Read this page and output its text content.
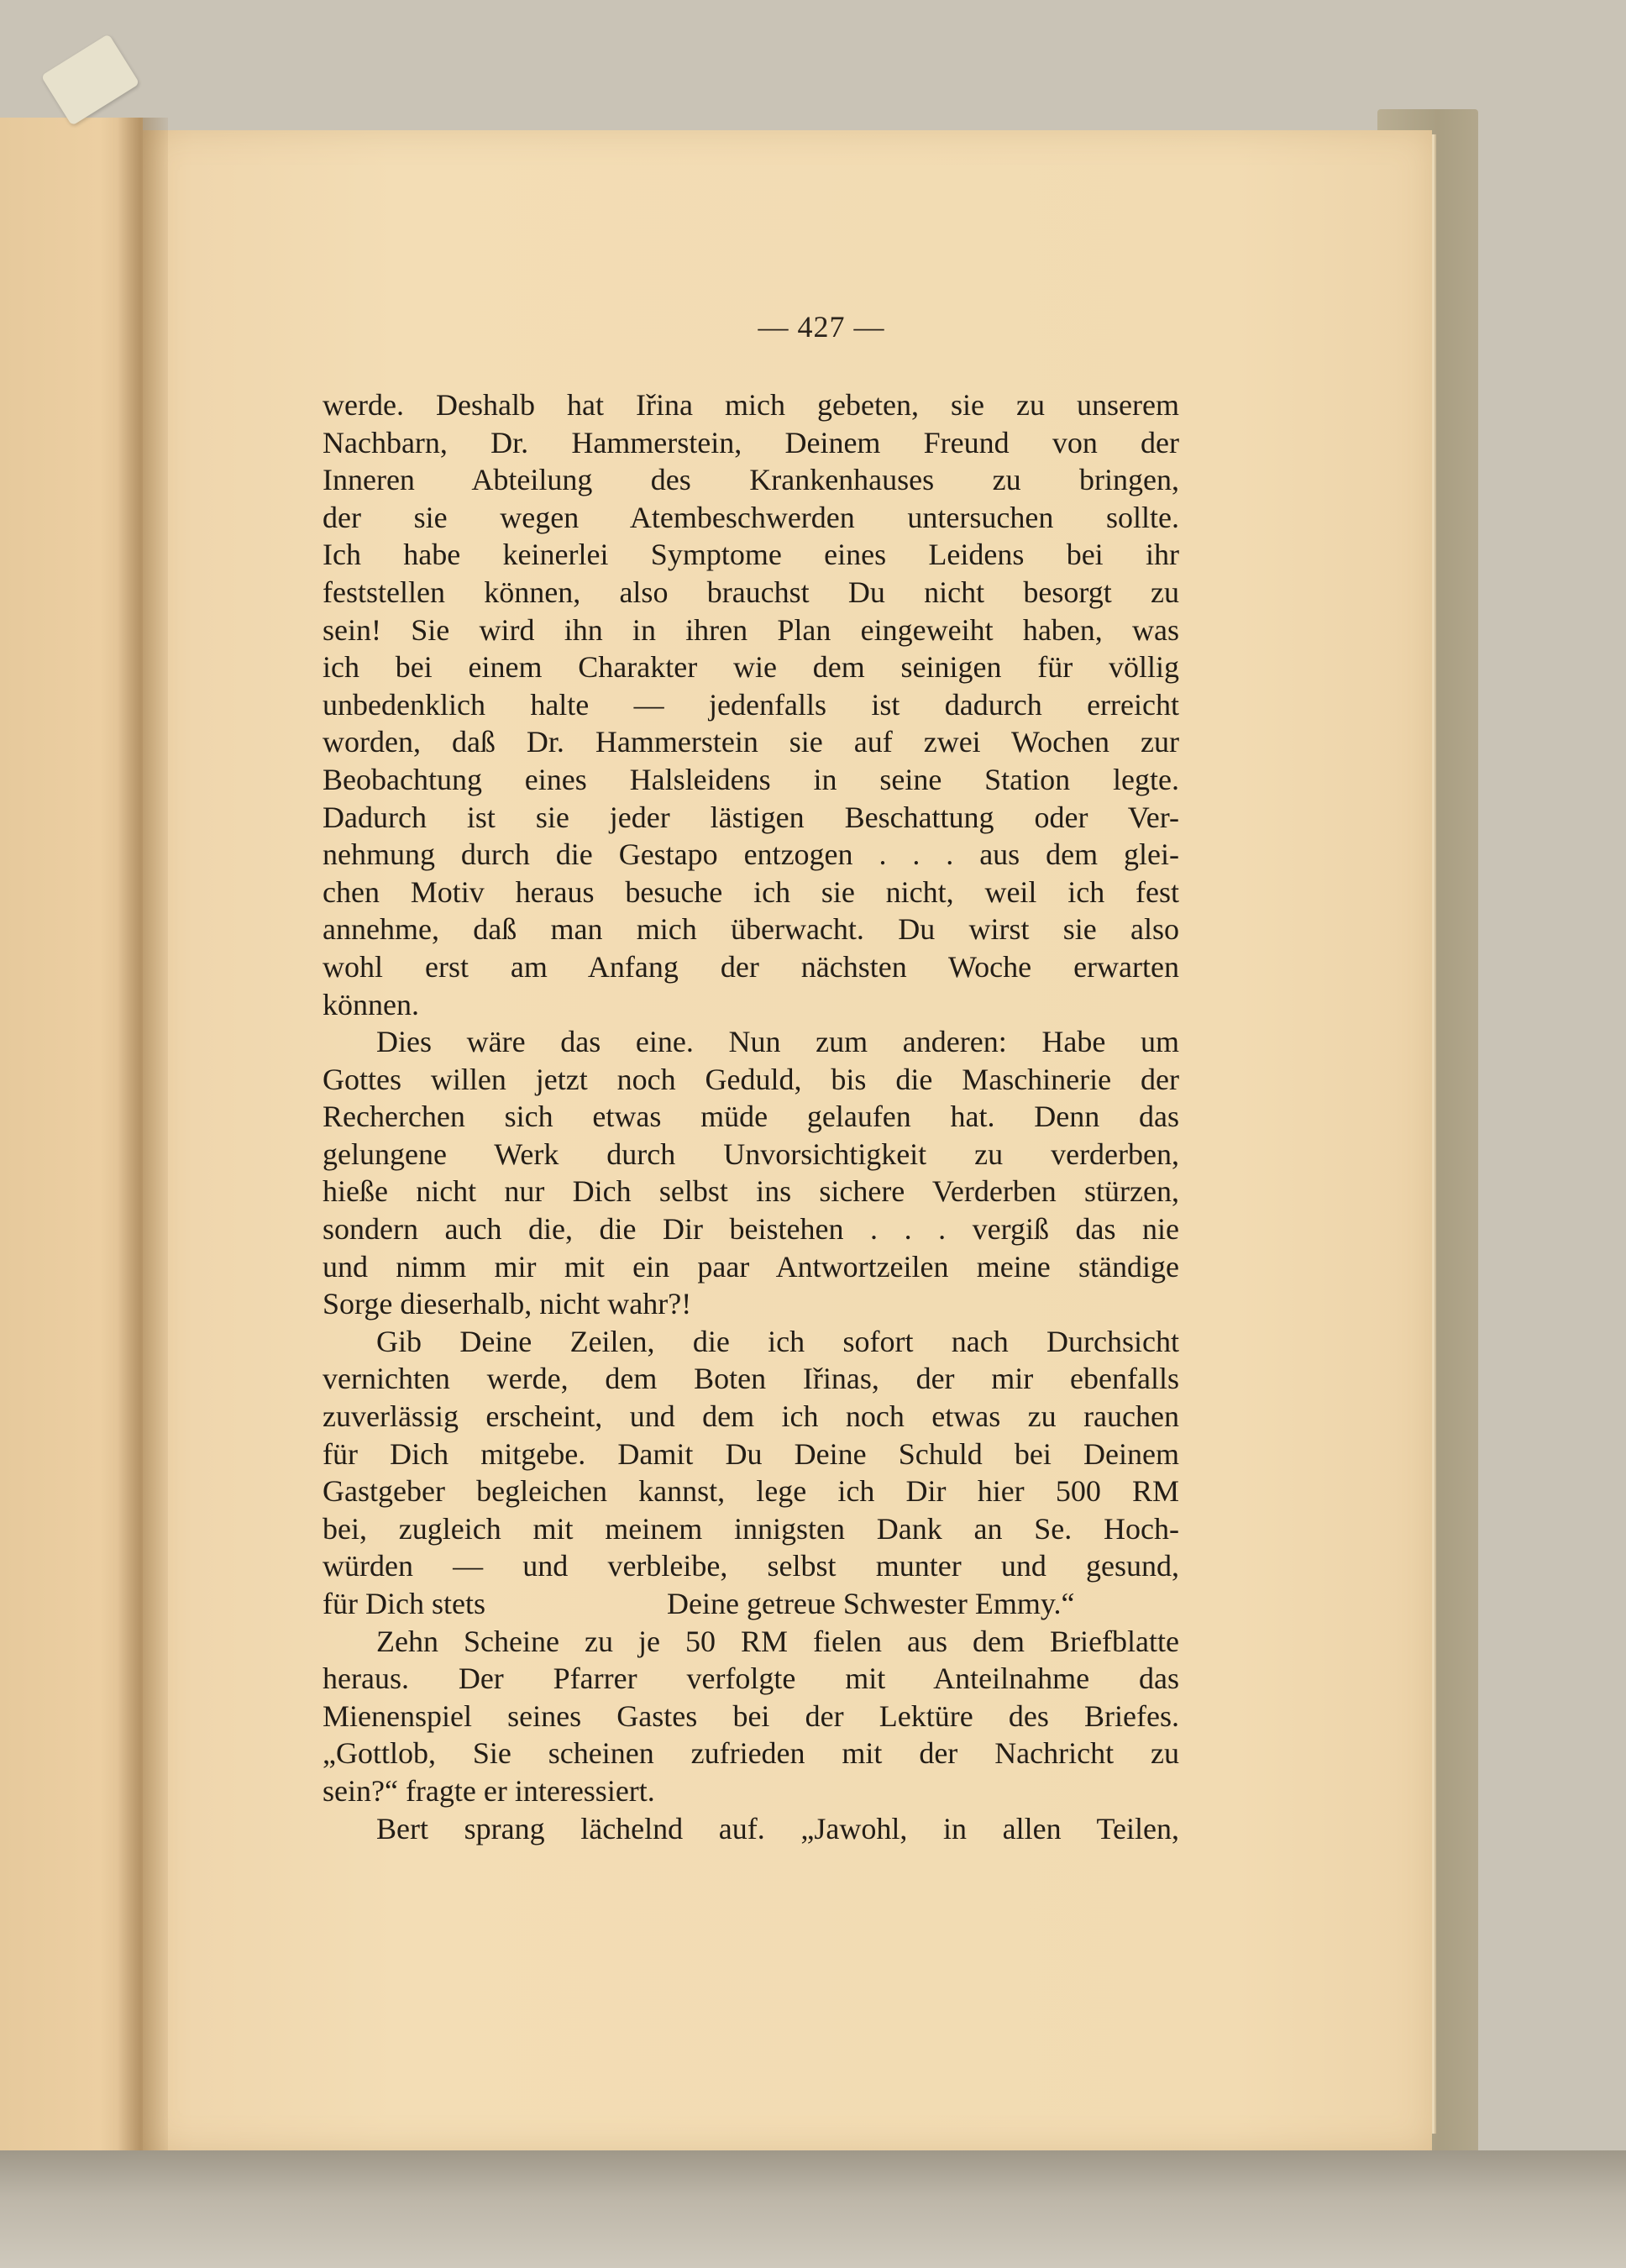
— 427 —
werde. Deshalb hat Iřina mich gebeten, sie zu unserem
Nachbarn, Dr. Hammerstein, Deinem Freund von der
Inneren Abteilung des Krankenhauses zu bringen,
der sie wegen Atembeschwerden untersuchen sollte.
Ich habe keinerlei Symptome eines Leidens bei ihr
feststellen können, also brauchst Du nicht besorgt zu
sein! Sie wird ihn in ihren Plan eingeweiht haben, was
ich bei einem Charakter wie dem seinigen für völlig
unbedenklich halte — jedenfalls ist dadurch erreicht
worden, daß Dr. Hammerstein sie auf zwei Wochen zur
Beobachtung eines Halsleidens in seine Station legte.
Dadurch ist sie jeder lästigen Beschattung oder Ver-
nehmung durch die Gestapo entzogen . . . aus dem glei-
chen Motiv heraus besuche ich sie nicht, weil ich fest
annehme, daß man mich überwacht. Du wirst sie also
wohl erst am Anfang der nächsten Woche erwarten
können.
Dies wäre das eine. Nun zum anderen: Habe um
Gottes willen jetzt noch Geduld, bis die Maschinerie der
Recherchen sich etwas müde gelaufen hat. Denn das
gelungene Werk durch Unvorsichtigkeit zu verderben,
hieße nicht nur Dich selbst ins sichere Verderben stürzen,
sondern auch die, die Dir beistehen . . . vergiß das nie
und nimm mir mit ein paar Antwortzeilen meine ständige
Sorge dieserhalb, nicht wahr?!
Gib Deine Zeilen, die ich sofort nach Durchsicht
vernichten werde, dem Boten Iřinas, der mir ebenfalls
zuverlässig erscheint, und dem ich noch etwas zu rauchen
für Dich mitgebe. Damit Du Deine Schuld bei Deinem
Gastgeber begleichen kannst, lege ich Dir hier 500 RM
bei, zugleich mit meinem innigsten Dank an Se. Hoch-
würden — und verbleibe, selbst munter und gesund,
für Dich stets	Deine getreue Schwester Emmy.“
Zehn Scheine zu je 50 RM fielen aus dem Briefblatte
heraus. Der Pfarrer verfolgte mit Anteilnahme das
Mienenspiel seines Gastes bei der Lektüre des Briefes.
„Gottlob, Sie scheinen zufrieden mit der Nachricht zu
sein?“ fragte er interessiert.
Bert sprang lächelnd auf. „Jawohl, in allen Teilen,
